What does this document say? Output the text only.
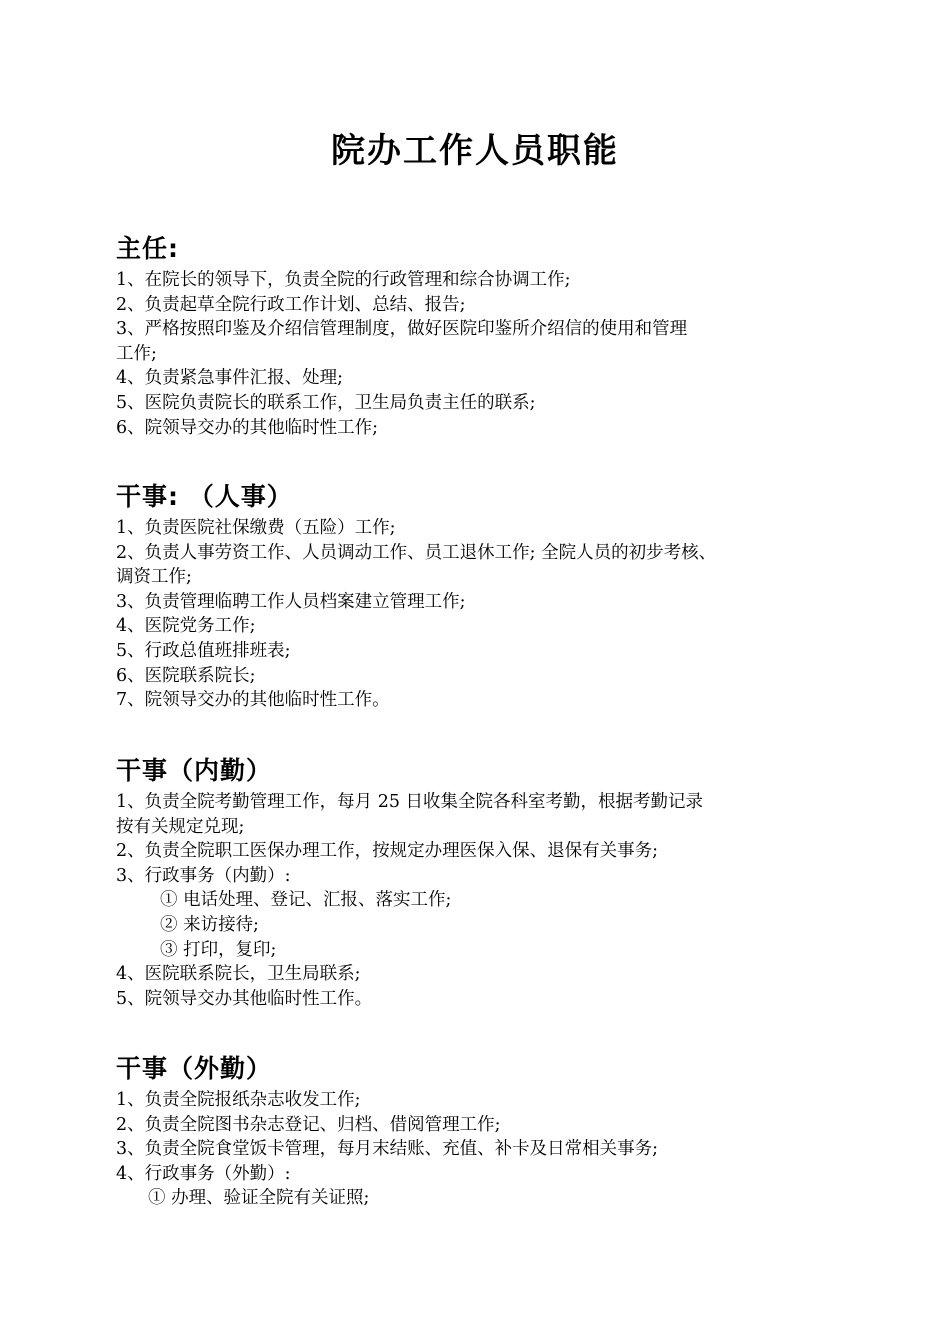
院办工作人员职能
主任:

1、在院长的领导下，负责全院的行政管理和综合协调工作;

2、负责起草全院行政工作计划、总结、报告;

3、严格按照印鉴及介绍信管理制度，做好医院印鉴所介绍信的使用和管理

工作;

4、负责紧急事件汇报、处理;

5、医院负责院长的联系工作，卫生局负责主任的联系;

6、院领导交办的其他临时性工作;

干事: （人事）

1、负责医院社保缴费（五险）工作;

2、负责人事劳资工作、人员调动工作、员工退休工作; 全院人员的初步考核、

调资工作;

3、负责管理临聘工作人员档案建立管理工作;

4、医院党务工作;

5、行政总值班排班表;

6、医院联系院长;

7、院领导交办的其他临时性工作。

干事（内勤）

1、负责全院考勤管理工作，每月 25 日收集全院各科室考勤，根据考勤记录

按有关规定兑现;

2、负责全院职工医保办理工作，按规定办理医保入保、退保有关事务;

3、行政事务（内勤）:

① 电话处理、登记、汇报、落实工作;

② 来访接待;

③ 打印，复印;

4、医院联系院长，卫生局联系;

5、院领导交办其他临时性工作。

干事（外勤）

1、负责全院报纸杂志收发工作;

2、负责全院图书杂志登记、归档、借阅管理工作;

3、负责全院食堂饭卡管理，每月末结账、充值、补卡及日常相关事务;

4、行政事务（外勤）:

① 办理、验证全院有关证照;
